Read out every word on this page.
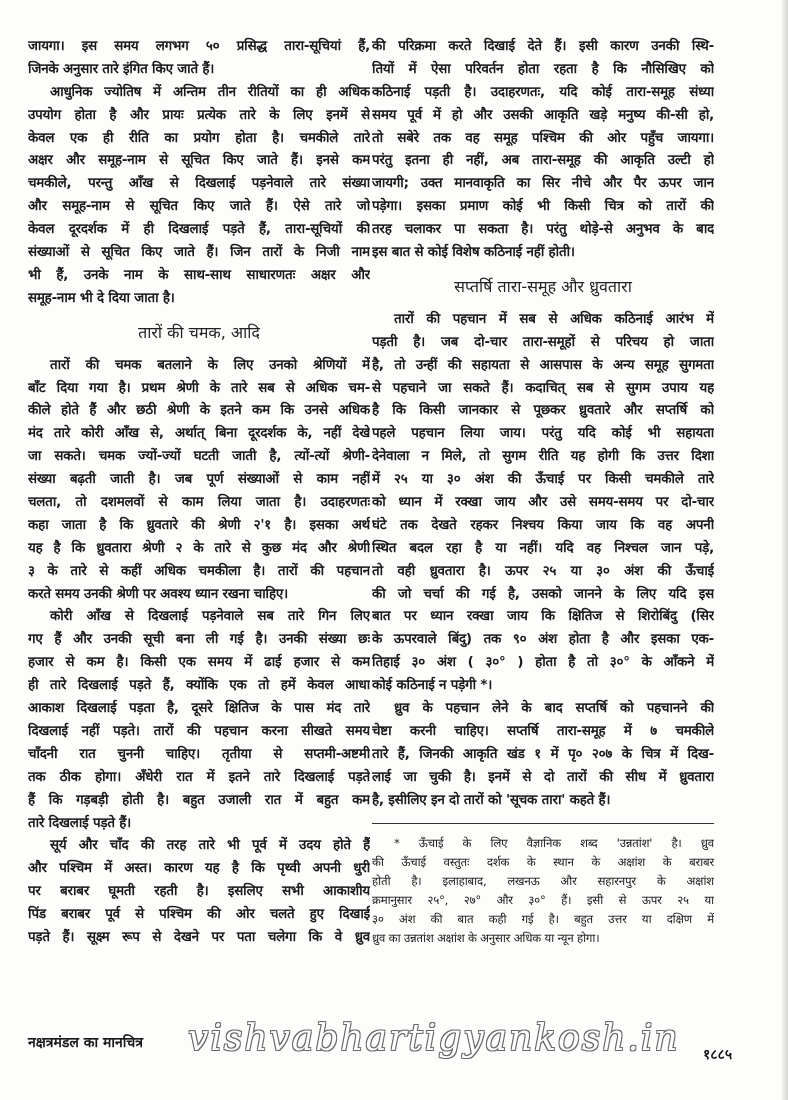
जायगा। इस समय लगभग ५० प्रसिद्ध तारा-सूचियां हैं,
जिनके अनुसार तारे इंगित किए जाते हैं।
आधुनिक ज्योतिष में अन्तिम तीन रीतियों का ही अधिक
उपयोग होता है और प्रायः प्रत्येक तारे के लिए इनमें से
केवल एक ही रीति का प्रयोग होता है। चमकीले तारे
अक्षर और समूह-नाम से सूचित किए जाते हैं। इनसे कम
चमकीले, परन्तु आँख से दिखलाई पड़नेवाले तारे संख्या
और समूह-नाम से सूचित किए जाते हैं। ऐसे तारे जो
केवल दूरदर्शक में ही दिखलाई पड़ते हैं, तारा-सूचियों की
संख्याओं से सूचित किए जाते हैं। जिन तारों के निजी नाम
भी हैं, उनके नाम के साथ-साथ साधारणतः अक्षर और
समूह-नाम भी दे दिया जाता है।
तारों की चमक, आदि
तारों की चमक बतलाने के लिए उनको श्रेणियों में
बाँट दिया गया है। प्रथम श्रेणी के तारे सब से अधिक चम-
कीले होते हैं और छठी श्रेणी के इतने कम कि उनसे अधिक
मंद तारे कोरी आँख से, अर्थात् बिना दूरदर्शक के, नहीं देखे
जा सकते। चमक ज्यों-ज्यों घटती जाती है, त्यों-त्यों श्रेणी-
संख्या बढ़ती जाती है। जब पूर्ण संख्याओं से काम नहीं
चलता, तो दशमलवों से काम लिया जाता है। उदाहरणतः
कहा जाता है कि ध्रुवतारे की श्रेणी २'१ है। इसका अर्थ
यह है कि ध्रुवतारा श्रेणी २ के तारे से कुछ मंद और श्रेणी
३ के तारे से कहीं अधिक चमकीला है। तारों की पहचान
करते समय उनकी श्रेणी पर अवश्य ध्यान रखना चाहिए।
कोरी आँख से दिखलाई पड़नेवाले सब तारे गिन लिए
गए हैं और उनकी सूची बना ली गई है। उनकी संख्या छः
हजार से कम है। किसी एक समय में ढाई हजार से कम
ही तारे दिखलाई पड़ते हैं, क्योंकि एक तो हमें केवल आधा
आकाश दिखलाई पड़ता है, दूसरे क्षितिज के पास मंद तारे
दिखलाई नहीं पड़ते। तारों की पहचान करना सीखते समय
चाँदनी रात चुननी चाहिए। तृतीया से सप्तमी-अष्टमी
तक ठीक होगा। अँधेरी रात में इतने तारे दिखलाई पड़ते
हैं कि गड़बड़ी होती है। बहुत उजाली रात में बहुत कम
तारे दिखलाई पड़ते हैं।
सूर्य और चाँद की तरह तारे भी पूर्व में उदय होते हैं
और पश्चिम में अस्त। कारण यह है कि पृथ्वी अपनी धुरी
पर बराबर घूमती रहती है। इसलिए सभी आकाशीय
पिंड बराबर पूर्व से पश्चिम की ओर चलते हुए दिखाई
पड़ते हैं। सूक्ष्म रूप से देखने पर पता चलेगा कि वे ध्रुव
की परिक्रमा करते दिखाई देते हैं। इसी कारण उनकी स्थि-
तियों में ऐसा परिवर्तन होता रहता है कि नौसिखिए को
कठिनाई पड़ती है। उदाहरणतः, यदि कोई तारा-समूह संध्या
समय पूर्व में हो और उसकी आकृति खड़े मनुष्य की-सी हो,
तो सबेरे तक वह समूह पश्चिम की ओर पहुँच जायगा।
परंतु इतना ही नहीं, अब तारा-समूह की आकृति उल्टी हो
जायगी; उक्त मानवाकृति का सिर नीचे और पैर ऊपर जान
पड़ेगा। इसका प्रमाण कोई भी किसी चित्र को तारों की
तरह चलाकर पा सकता है। परंतु थोड़े-से अनुभव के बाद
इस बात से कोई विशेष कठिनाई नहीं होती।
सप्तर्षि तारा-समूह और ध्रुवतारा
तारों की पहचान में सब से अधिक कठिनाई आरंभ में
पड़ती है। जब दो-चार तारा-समूहों से परिचय हो जाता
है, तो उन्हीं की सहायता से आसपास के अन्य समूह सुगमता
से पहचाने जा सकते हैं। कदाचित् सब से सुगम उपाय यह
है कि किसी जानकार से पूछकर ध्रुवतारे और सप्तर्षि को
पहले पहचान लिया जाय। परंतु यदि कोई भी सहायता
देनेवाला न मिले, तो सुगम रीति यह होगी कि उत्तर दिशा
में २५ या ३० अंश की ऊँचाई पर किसी चमकीले तारे
को ध्यान में रक्खा जाय और उसे समय-समय पर दो-चार
घंटे तक देखते रहकर निश्चय किया जाय कि वह अपनी
स्थित बदल रहा है या नहीं। यदि वह निश्चल जान पड़े,
तो वही ध्रुवतारा है। ऊपर २५ या ३० अंश की ऊँचाई
की जो चर्चा की गई है, उसको जानने के लिए यदि इस
बात पर ध्यान रक्खा जाय कि क्षितिज से शिरोबिंदु (सिर
के ऊपरवाले बिंदु) तक ९० अंश होता है और इसका एक-
तिहाई ३० अंश ( ३०° ) होता है तो ३०° के आँकने में
कोई कठिनाई न पड़ेगी *।
ध्रुव के पहचान लेने के बाद सप्तर्षि को पहचानने की
चेष्टा करनी चाहिए। सप्तर्षि तारा-समूह में ७ चमकीले
तारे हैं, जिनकी आकृति खंड १ में पृ० २०७ के चित्र में दिख-
लाई जा चुकी है। इनमें से दो तारों की सीध में ध्रुवतारा
है, इसीलिए इन दो तारों को 'सूचक तारा' कहते हैं।
* ऊँचाई के लिए वैज्ञानिक शब्द 'उन्नतांश' है। ध्रुव
की ऊँचाई वस्तुतः दर्शक के स्थान के अक्षांश के बराबर
होती है। इलाहाबाद, लखनऊ और सहारनपुर के अक्षांश
क्रमानुसार २५°, २७° और ३०° हैं। इसी से ऊपर २५ या
३० अंश की बात कही गई है। बहुत उत्तर या दक्षिण में
ध्रुव का उन्नतांश अक्षांश के अनुसार अधिक या न्यून होगा।
नक्षत्रमंडल का मानचित्र vishvabhartigyankosh.in १८८५
